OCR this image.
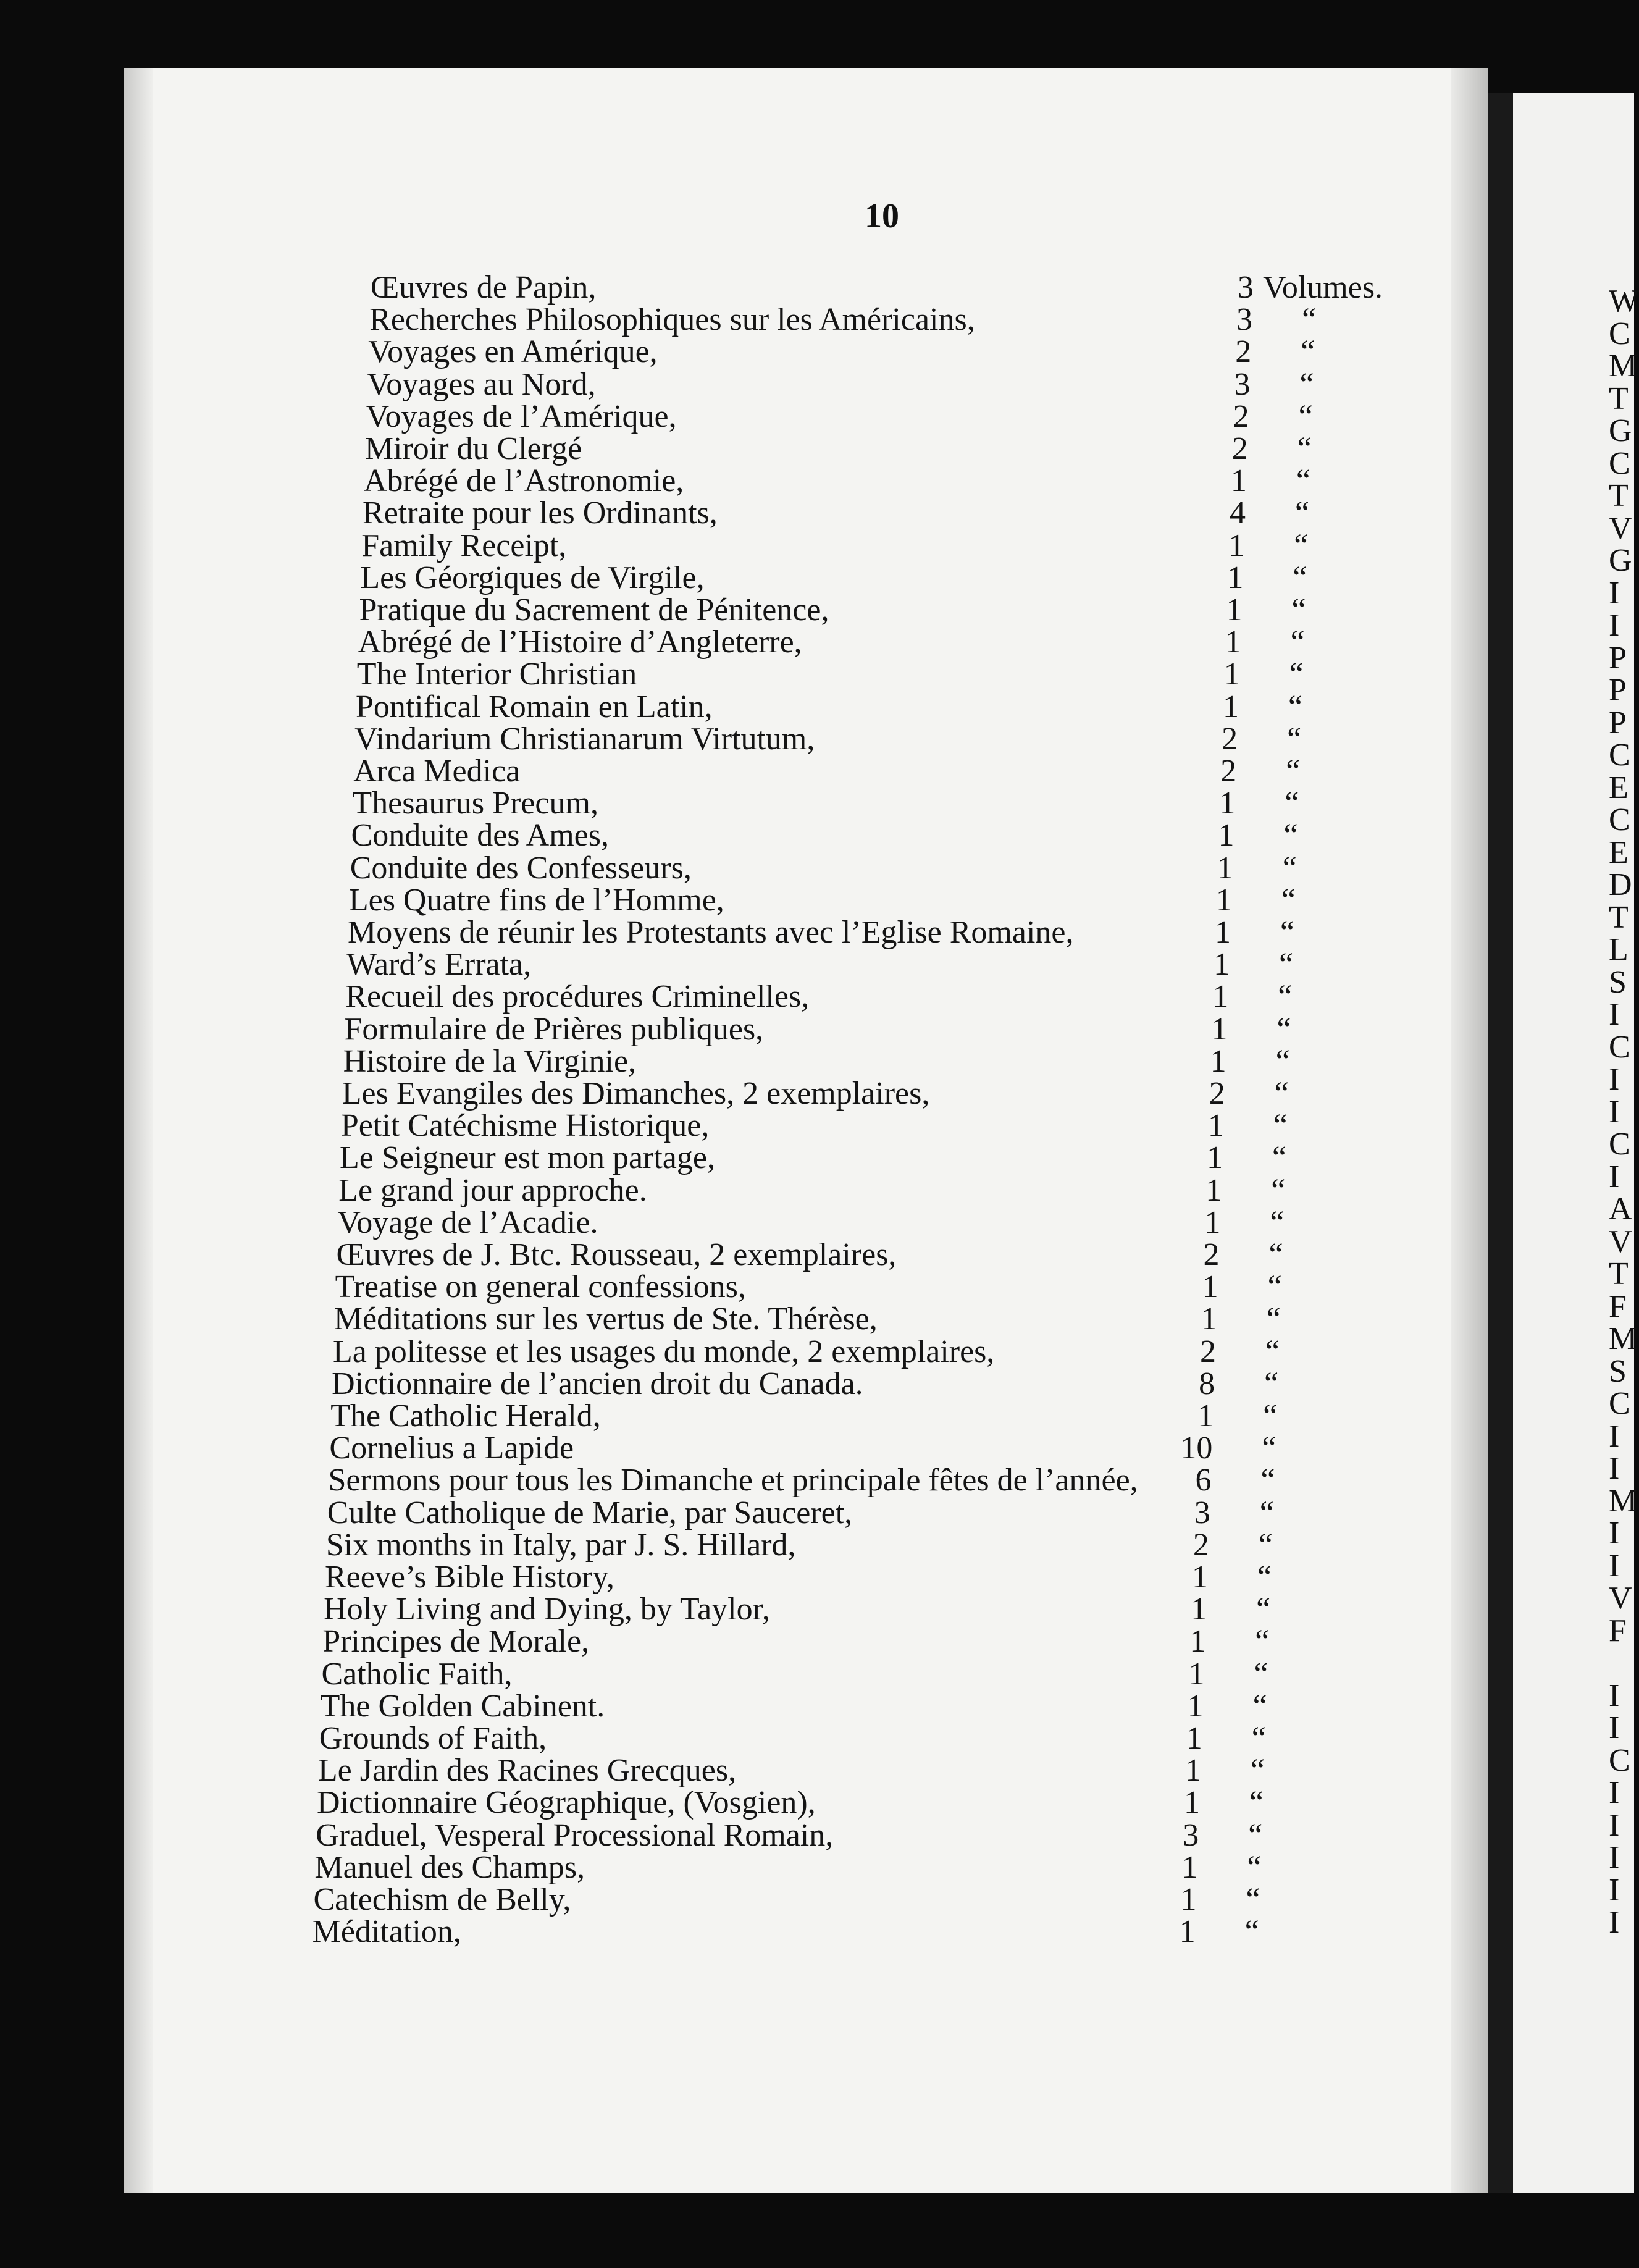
W
C
M
T
G
C
T
V
G
I
I
P
P
P
C
E
C
E
D
T
L
S
I
C
I
I
C
I
A
V
T
F
M
S
C
I
I
M
I
I
V
F
I
I
C
I
I
I
I
I
10
Œuvres de Papin,	3 Volumes.
Recherches Philosophiques sur les Américains,	3 “
Voyages en Amérique,	2 “
Voyages au Nord,	3 “
Voyages de l’Amérique,	2 “
Miroir du Clergé	2 “
Abrégé de l’Astronomie,	1 “
Retraite pour les Ordinants,	4 “
Family Receipt,	1 “
Les Géorgiques de Virgile,	1 “
Pratique du Sacrement de Pénitence,	1 “
Abrégé de l’Histoire d’Angleterre,	1 “
The Interior Christian	1 “
Pontifical Romain en Latin,	1 “
Vindarium Christianarum Virtutum,	2 “
Arca Medica	2 “
Thesaurus Precum,	1 “
Conduite des Ames,	1 “
Conduite des Confesseurs,	1 “
Les Quatre fins de l’Homme,	1 “
Moyens de réunir les Protestants avec l’Eglise Romaine,	1 “
Ward’s Errata,	1 “
Recueil des procédures Criminelles,	1 “
Formulaire de Prières publiques,	1 “
Histoire de la Virginie,	1 “
Les Evangiles des Dimanches, 2 exemplaires,	2 “
Petit Catéchisme Historique,	1 “
Le Seigneur est mon partage,	1 “
Le grand jour approche.	1 “
Voyage de l’Acadie.	1 “
Œuvres de J. Btc. Rousseau, 2 exemplaires,	2 “
Treatise on general confessions,	1 “
Méditations sur les vertus de Ste. Thérèse,	1 “
La politesse et les usages du monde, 2 exemplaires,	2 “
Dictionnaire de l’ancien droit du Canada.	8 “
The Catholic Herald,	1 “
Cornelius a Lapide	10 “
Sermons pour tous les Dimanche et principale fêtes de l’année,	6 “
Culte Catholique de Marie, par Sauceret,	3 “
Six months in Italy, par J. S. Hillard,	2 “
Reeve’s Bible History,	1 “
Holy Living and Dying, by Taylor,	1 “
Principes de Morale,	1 “
Catholic Faith,	1 “
The Golden Cabinent.	1 “
Grounds of Faith,	1 “
Le Jardin des Racines Grecques,	1 “
Dictionnaire Géographique, (Vosgien),	1 “
Graduel, Vesperal Processional Romain,	3 “
Manuel des Champs,	1 “
Catechism de Belly,	1 “
Méditation,	1 “
